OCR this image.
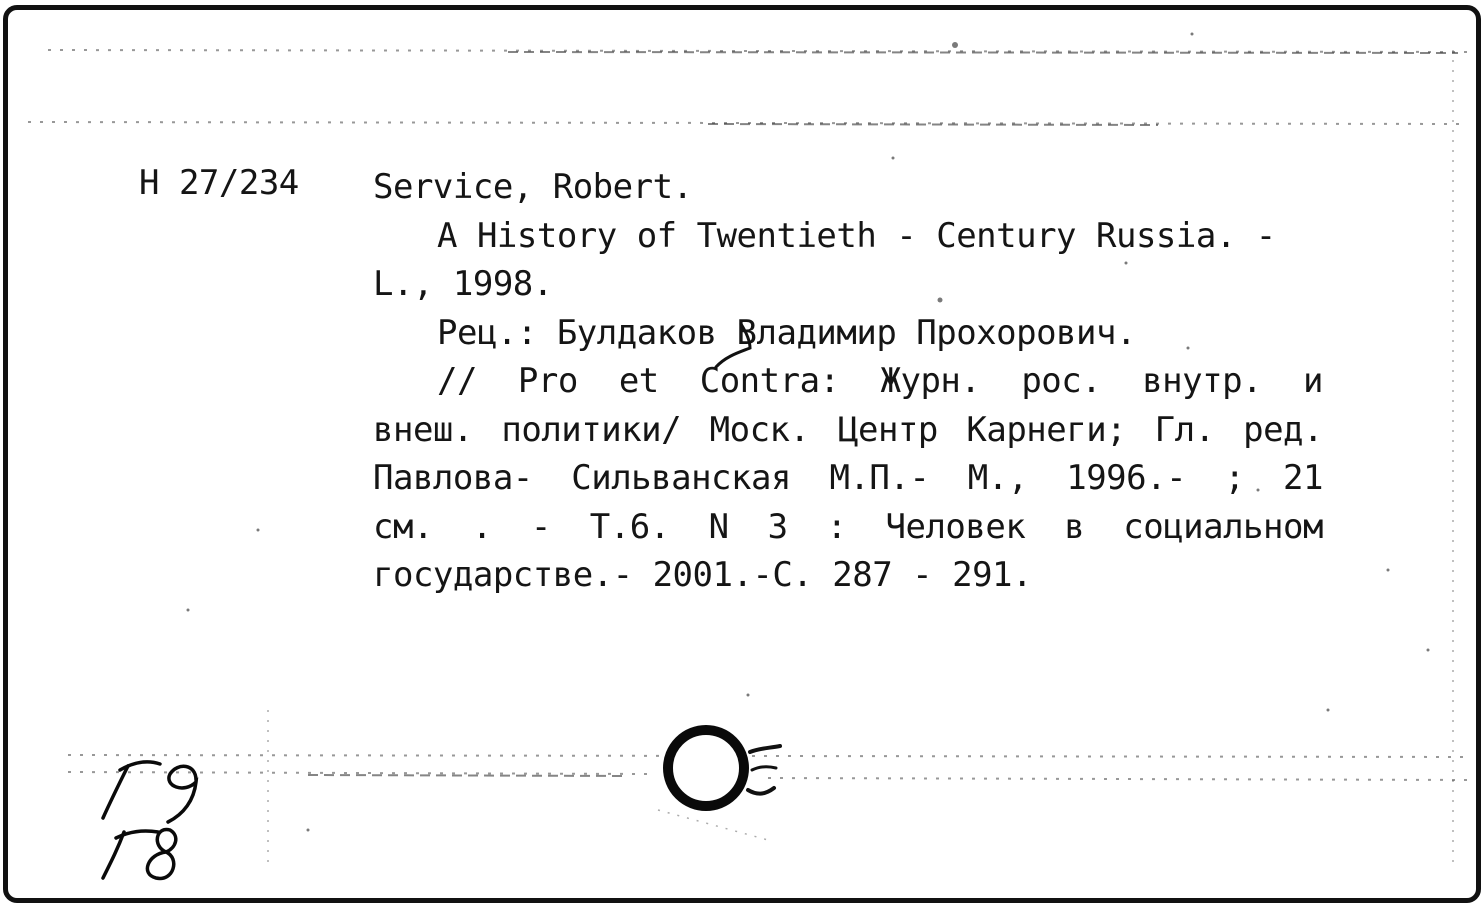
H 27/234 Service, Robert.
A History of Twentieth - Century Russia. -
L., 1998.
Рец.: Булдаков Владимир Прохорович.
// Pro et Contra: Журн. рос. внутр. и
внеш. политики/ Моск. Центр Карнеги; Гл. ред.
Павлова- Сильванская М.П.- М., 1996.- ; 21
см. . - Т.6. N 3 : Человек в социальном
государстве.- 2001.-С. 287 - 291.
